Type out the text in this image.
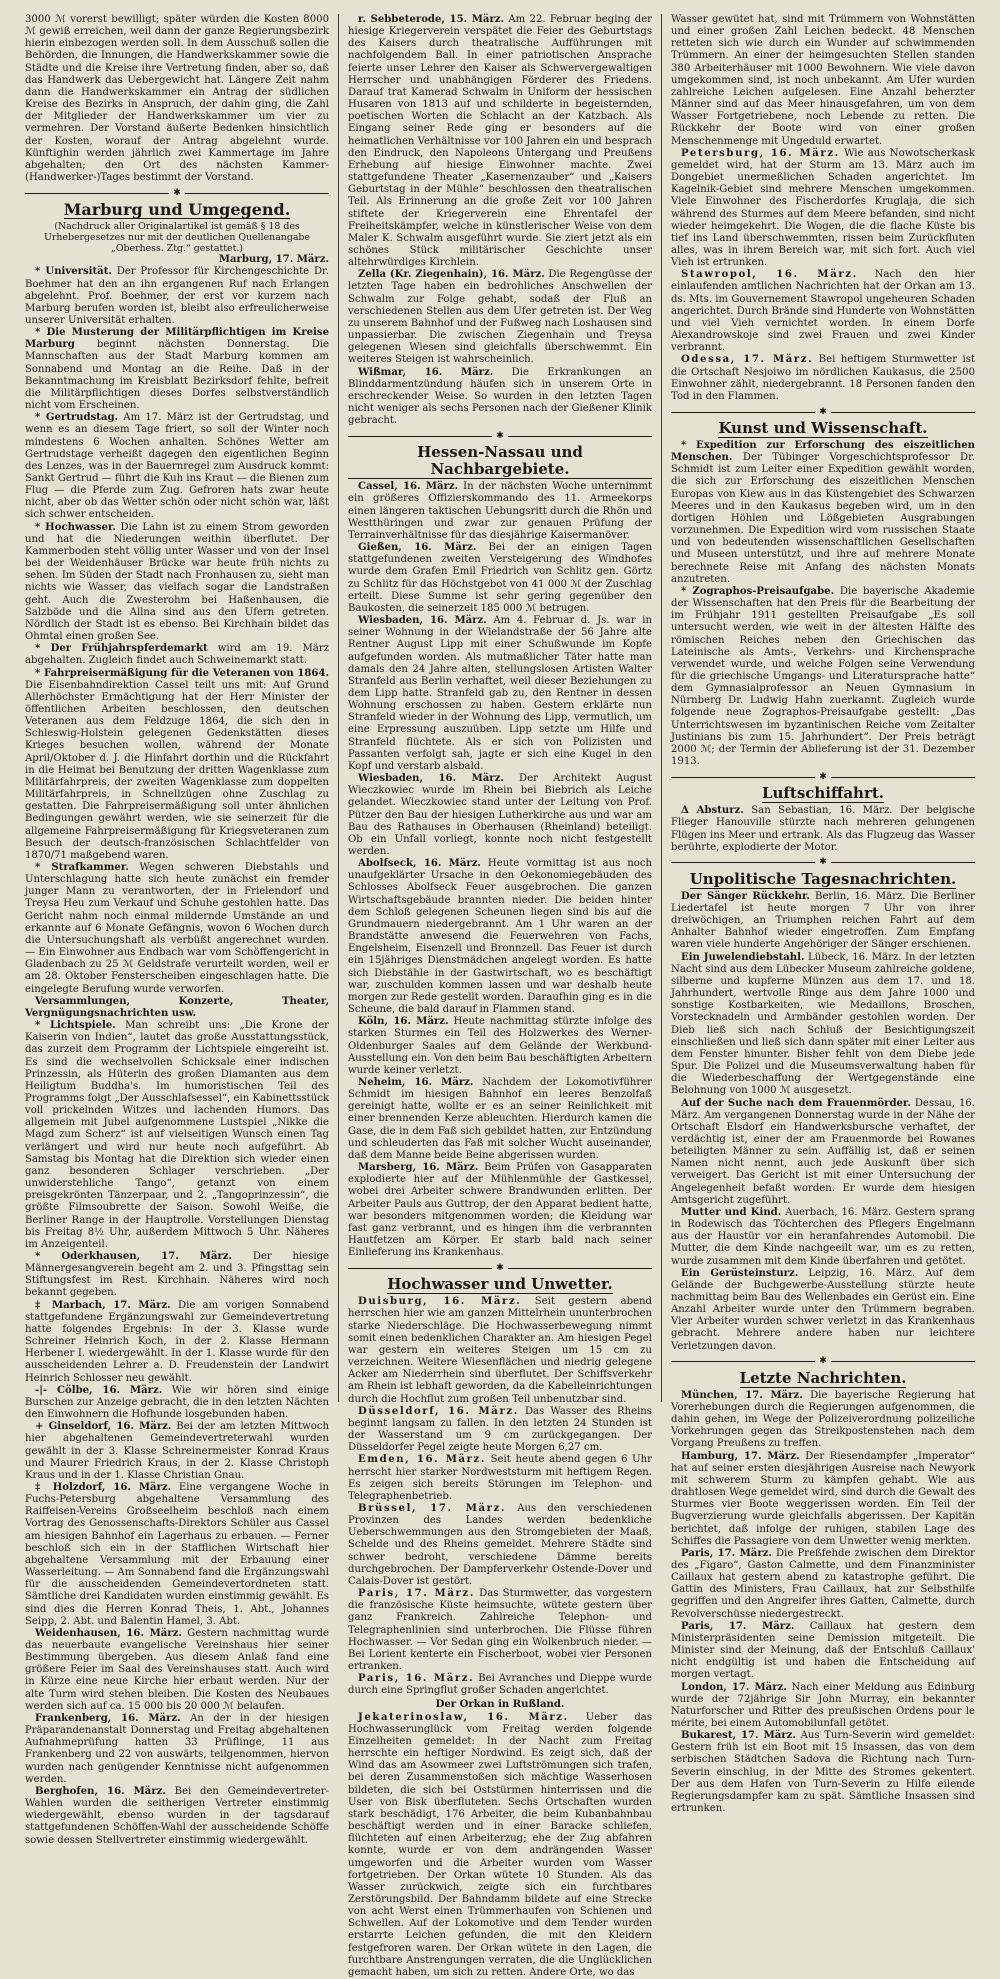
3000 ℳ vorerst bewilligt; später würden die Kosten 8000 ℳ gewiß erreichen, weil dann der ganze Regierungsbezirk hierin einbezogen werden soll. In dem Ausschuß sollen die Behörden, die Innungen, die Handwerkskammer sowie die Städte und die Kreise ihre Vertretung finden, aber so, daß das Handwerk das Uebergewicht hat. Längere Zeit nahm dann die Handwerkskammer ein Antrag der südlichen Kreise des Bezirks in Anspruch, der dahin ging, die Zahl der Mitglieder der Handwerkskammer um vier zu vermehren. Der Vorstand äußerte Bedenken hinsichtlich der Kosten, worauf der Antrag abgelehnt wurde. Künftighin werden jährlich zwei Kammertage im Jahre abgehalten; den Ort des nächsten Kammer-(Handwerker-)Tages bestimmt der Vorstand.

✱
Marburg und Umgegend.
(Nachdruck aller Originalartikel ist gemäß § 18 des Urhebergesetzes nur mit der deutlichen Quellenangabe „Oberhess. Ztg.“ gestattet.)
Marburg, 17. März.

* Universität. Der Professor für Kirchengeschichte Dr. Boehmer hat den an ihn ergangenen Ruf nach Erlangen abgelehnt. Prof. Boehmer, der erst vor kurzem nach Marburg berufen worden ist, bleibt also erfreulicherweise unserer Universität erhalten.

* Die Musterung der Militärpflichtigen im Kreise Marburg beginnt nächsten Donnerstag. Die Mannschaften aus der Stadt Marburg kommen am Sonnabend und Montag an die Reihe. Daß in der Bekanntmachung im Kreisblatt Bezirksdorf fehlte, befreit die Militärpflichtigen dieses Dorfes selbstverständlich nicht vom Erscheinen.

* Gertrudstag. Am 17. März ist der Gertrudstag, und wenn es an diesem Tage friert, so soll der Winter noch mindestens 6 Wochen anhalten. Schönes Wetter am Gertrudstage verheißt dagegen den eigentlichen Beginn des Lenzes, was in der Bauernregel zum Ausdruck kommt: Sankt Gertrud — führt die Kuh ins Kraut — die Bienen zum Flug — die Pferde zum Zug. Gefroren hats zwar heute nicht, aber ob das Wetter schön oder nicht schön war, läßt sich schwer entscheiden.

* Hochwasser. Die Lahn ist zu einem Strom geworden und hat die Niederungen weithin überflutet. Der Kammerboden steht völlig unter Wasser und von der Insel bei der Weidenhäuser Brücke war heute früh nichts zu sehen. Im Süden der Stadt nach Fronhausen zu, sieht man nichts wie Wasser, das vielfach sogar die Landstraßen geht. Auch die Zwesterohm bei Haßenhausen, die Salzböde und die Allna sind aus den Ufern getreten. Nördlich der Stadt ist es ebenso. Bei Kirchhain bildet das Ohmtal einen großen See.

* Der Frühjahrspferdemarkt wird am 19. März abgehalten. Zugleich findet auch Schweinemarkt statt.

* Fahrpreisermäßigung für die Veteranen von 1864. Die Eisenbahndirektion Cassel teilt uns mit: Auf Grund Allerhöchster Ermächtigung hat der Herr Minister der öffentlichen Arbeiten beschlossen, den deutschen Veteranen aus dem Feldzuge 1864, die sich den in Schleswig-Holstein gelegenen Gedenkstätten dieses Krieges besuchen wollen, während der Monate April/Oktober d. J. die Hinfahrt dorthin und die Rückfahrt in die Heimat bei Benutzung der dritten Wagenklasse zum Militärfahrpreis, der zweiten Wagenklasse zum doppelten Militärfahrpreis, in Schnellzügen ohne Zuschlag zu gestatten. Die Fahrpreisermäßigung soll unter ähnlichen Bedingungen gewährt werden, wie sie seinerzeit für die allgemeine Fahrpreisermäßigung für Kriegsveteranen zum Besuch der deutsch-französischen Schlachtfelder von 1870/71 maßgebend waren.

* Strafkammer. Wegen schweren Diebstahls und Unterschlagung hatte sich heute zunächst ein fremder junger Mann zu verantworten, der in Frielendorf und Treysa Heu zum Verkauf und Schuhe gestohlen hatte. Das Gericht nahm noch einmal mildernde Umstände an und erkannte auf 6 Monate Gefängnis, wovon 6 Wochen durch die Untersuchungshaft als verbüßt angerechnet wurden. — Ein Einwohner aus Endbach war vom Schöffengericht in Gladenbach zu 25 ℳ Geldstrafe verurteilt worden, weil er am 28. Oktober Fensterscheiben eingeschlagen hatte. Die eingelegte Berufung wurde verworfen.

Versammlungen, Konzerte, Theater, Vergnügungsnachrichten usw.

* Lichtspiele. Man schreibt uns: „Die Krone der Kaiserin von Indien“, lautet das große Ausstattungsstück, das zurzeit dem Programm der Lichtspiele eingereiht ist. Es sind die wechselvollen Schicksale einer indischen Prinzessin, als Hüterin des großen Diamanten aus dem Heiligtum Buddha's. Im humoristischen Teil des Programms folgt „Der Ausschlafsessel“, ein Kabinettsstück voll prickelnden Witzes und lachenden Humors. Das allgemein mit Jubel aufgenommene Lustspiel „Nikke die Magd zum Scherz“ ist auf vielseitigen Wunsch einen Tag verlängert und wird nur heute noch aufgeführt. Ab Samstag bis Montag hat die Direktion sich wieder einen ganz besonderen Schlager verschrieben. „Der unwiderstehliche Tango“, getanzt von einem preisgekrönten Tänzerpaar, und 2. „Tangoprinzessin“, die größte Filmsoubrette der Saison. Sowohl Weiße, die Berliner Range in der Hauptrolle. Vorstellungen Dienstag bis Freitag 8½ Uhr, außerdem Mittwoch 5 Uhr. Näheres im Anzeigenteil.

* Oderkhausen, 17. März. Der hiesige Männergesangverein begeht am 2. und 3. Pfingsttag sein Stiftungsfest im Rest. Kirchhain. Näheres wird noch bekannt gegeben.

‡ Marbach, 17. März. Die am vorigen Sonnabend stattgefundene Ergänzungswahl zur Gemeindevertretung hatte folgendes Ergebnis: In der 3. Klasse wurde Schreiner Heinrich Koch, in der 2. Klasse Hermann Herbener I. wiedergewählt. In der 1. Klasse wurde für den ausscheidenden Lehrer a. D. Freudenstein der Landwirt Heinrich Schlosser neu gewählt.

-|- Cölbe, 16. März. Wie wir hören sind einige Burschen zur Anzeige gebracht, die in den letzten Nächten den Einwohnern die Hofhunde losgebunden haben.

+ Ginseldorf, 16. März. Bei der am letzten Mittwoch hier abgehaltenen Gemeindevertreterwahl wurden gewählt in der 3. Klasse Schreinermeister Konrad Kraus und Maurer Friedrich Kraus, in der 2. Klasse Christoph Kraus und in der 1. Klasse Christian Gnau.

‡ Holzdorf, 16. März. Eine vergangene Woche in Fuchs-Petersburg abgehaltene Versammlung des Raiffeisen-Vereins Großseelheim beschloß nach einem Vortrag des Genossenschafts-Direktors Schüler aus Cassel am hiesigen Bahnhof ein Lagerhaus zu erbauen. — Ferner beschloß sich ein in der Stafflichen Wirtschaft hier abgehaltene Versammlung mit der Erbauung einer Wasserleitung. — Am Sonnabend fand die Ergänzungswahl für die ausscheidenden Gemeindevertordneten statt. Sämtliche drei Kandidaten wurden einstimmig gewählt. Es sind dies die Herren Konrad Theis, 1. Abt., Johannes Seipp, 2. Abt. und Balentin Hamel, 3. Abt.

Weidenhausen, 16. März. Gestern nachmittag wurde das neuerbaute evangelische Vereinshaus hier seiner Bestimmung übergeben. Aus diesem Anlaß fand eine größere Feier im Saal des Vereinshauses statt. Auch wird in Kürze eine neue Kirche hier erbaut werden. Nur der alte Turm wird stehen bleiben. Die Kosten des Neubaues werden sich auf ca. 15 000 bis 20 000 ℳ belaufen.

Frankenberg, 16. März. An der in der hiesigen Präparandenanstalt Donnerstag und Freitag abgehaltenen Aufnahmeprüfung hatten 33 Prüflinge, 11 aus Frankenberg und 22 von auswärts, teilgenommen, hiervon wurden nach genügender Kenntnisse nicht aufgenommen werden.

Berghofen, 16. März. Bei den Gemeindevertreter-Wahlen wurden die seitherigen Vertreter einstimmig wiedergewählt, ebenso wurden in der tagsdarauf stattgefundenen Schöffen-Wahl der ausscheidende Schöffe sowie dessen Stellvertreter einstimmig wiedergewählt.

r. Sebbeterode, 15. März. Am 22. Februar beging der hiesige Kriegerverein verspätet die Feier des Geburtstags des Kaisers durch theatralische Aufführungen mit nachfolgendem Ball. In einer patriotischen Ansprache feierte unser Lehrer den Kaiser als Schwervergewaltigen Herrscher und unabhängigen Förderer des Friedens. Darauf trat Kamerad Schwalm in Uniform der hessischen Husaren von 1813 auf und schilderte in begeisternden, poetischen Worten die Schlacht an der Katzbach. Als Eingang seiner Rede ging er besonders auf die heimatlichen Verhältnisse vor 100 Jahren ein und besprach den Eindruck, den Napoleons Untergang und Preußens Erhebung auf hiesige Einwohner machte. Zwei stattgefundene Theater „Kasernenzauber“ und „Kaisers Geburtstag in der Mühle“ beschlossen den theatralischen Teil. Als Erinnerung an die große Zeit vor 100 Jahren stiftete der Kriegerverein eine Ehrentafel der Freiheitskämpfer, welche in künstlerischer Weise von dem Maler K. Schwalm ausgeführt wurde. Sie ziert jetzt als ein schönes Stück militärischer Geschichte unser altehrwürdiges Kirchlein.

Zella (Kr. Ziegenhain), 16. März. Die Regengüsse der letzten Tage haben ein bedrohliches Anschwellen der Schwalm zur Folge gehabt, sodaß der Fluß an verschiedenen Stellen aus dem Ufer getreten ist. Der Weg zu unserem Bahnhof und der Fußweg nach Loshausen sind unpassierbar. Die zwischen Ziegenhain und Treysa gelegenen Wiesen sind gleichfalls überschwemmt. Ein weiteres Steigen ist wahrscheinlich.

Wißmar, 16. März. Die Erkrankungen an Blinddarmentzündung häufen sich in unserem Orte in erschreckender Weise. So wurden in den letzten Tagen nicht weniger als sechs Personen nach der Gießener Klinik gebracht.

✱
Hessen-Nassau und Nachbargebiete.

Cassel, 16. März. In der nächsten Woche unternimmt ein größeres Offizierskommando des 11. Armeekorps einen längeren taktischen Uebungsritt durch die Rhön und Westthüringen und zwar zur genauen Prüfung der Terrainverhältnisse für das diesjährige Kaisermanöver.

Gießen, 16. März. Bei der an einigen Tagen stattgefundenen zweiten Versteigerung des Windhofes wurde dem Grafen Emil Friedrich von Schlitz gen. Görtz zu Schlitz für das Höchstgebot von 41 000 ℳ der Zuschlag erteilt. Diese Summe ist sehr gering gegenüber den Baukosten, die seinerzeit 185 000 ℳ betrugen.

Wiesbaden, 16. März. Am 4. Februar d. Js. war in seiner Wohnung in der Wielandstraße der 56 Jahre alte Rentner August Lipp mit einer Schußwunde im Kopfe aufgefunden worden. Als mutmaßlicher Täter hatte man damals den 24 Jahre alten, stellungslosen Artisten Walter Stranfeld aus Berlin verhaftet, weil dieser Beziehungen zu dem Lipp hatte. Stranfeld gab zu, den Rentner in dessen Wohnung erschossen zu haben. Gestern erklärte nun Stranfeld wieder in der Wohnung des Lipp, vermutlich, um eine Erpressung auszuüben. Lipp setzte um Hilfe und Stranfeld flüchtete. Als er sich von Polizisten und Passanten verfolgt sah, jagte er sich eine Kugel in den Kopf und verstarb alsbald.

Wiesbaden, 16. März. Der Architekt August Wieczkowiec wurde im Rhein bei Biebrich als Leiche gelandet. Wieczkowiec stand unter der Leitung von Prof. Pützer den Bau der hiesigen Lutherkirche aus und war am Bau des Rathauses in Oberhausen (Rheinland) beteiligt. Ob ein Unfall vorliegt, konnte noch nicht festgestellt werden.

Abolfseck, 16. März. Heute vormittag ist aus noch unaufgeklärter Ursache in den Oekonomiegebäuden des Schlosses Abolfseck Feuer ausgebrochen. Die ganzen Wirtschaftsgebäude brannten nieder. Die beiden hinter dem Schloß gelegenen Scheunen liegen sind bis auf die Grundmauern niedergebrannt. Am 1 Uhr waren an der Brandstätte anwesend die Feuerwehren von Fachs, Engelsheim, Eisenzell und Bronnzell. Das Feuer ist durch ein 15jähriges Dienstmädchen angelegt worden. Es hatte sich Diebstähle in der Gastwirtschaft, wo es beschäftigt war, zuschulden kommen lassen und war deshalb heute morgen zur Rede gestellt worden. Daraufhin ging es in die Scheune, die bald darauf in Flammen stand.

Köln, 16. März. Heute nachmittag stürzte infolge des starken Sturmes ein Teil des Holzwerkes des Werner-Oldenburger Saales auf dem Gelände der Werkbund-Ausstellung ein. Von den beim Bau beschäftigten Arbeitern wurde keiner verletzt.

Neheim, 16. März. Nachdem der Lokomotivführer Schmidt im hiesigen Bahnhof ein leeres Benzolfaß gereinigt hatte, wollte er es an seiner Reinlichkeit mit einer brennenden Kerze ableuchten. Hierdurch kamen die Gase, die in dem Faß sich gebildet hatten, zur Entzündung und schleuderten das Faß mit solcher Wucht auseinander, daß dem Manne beide Beine abgerissen wurden.

Marsberg, 16. März. Beim Prüfen von Gasapparaten explodierte hier auf der Mühlenmühle der Gastkessel, wobei drei Arbeiter schwere Brandwunden erlitten. Der Arbeiter Pauls aus Guttrop, der den Apparat bedient hatte, war besonders mitgenommen worden; die Kleidung war fast ganz verbrannt, und es hingen ihm die verbrannten Hautfetzen am Körper. Er starb bald nach seiner Einlieferung ins Krankenhaus.

✱
Hochwasser und Unwetter.

Duisburg, 16. März. Seit gestern abend herrschen hier wie am ganzen Mittelrhein ununterbrochen starke Niederschläge. Die Hochwasserbewegung nimmt somit einen bedenklichen Charakter an. Am hiesigen Pegel war gestern ein weiteres Steigen um 15 cm zu verzeichnen. Weitere Wiesenflächen und niedrig gelegene Acker am Niederrhein sind überflutet. Der Schiffsverkehr am Rhein ist lebhaft geworden, da die Kabelleinrichtungen durch die Hochflut zum großen Teil unbenutzbar sind.

Düsseldorf, 16. März. Das Wasser des Rheins beginnt langsam zu fallen. In den letzten 24 Stunden ist der Wasserstand um 9 cm zurückgegangen. Der Düsseldorfer Pegel zeigte heute Morgen 6,27 cm.

Emden, 16. März. Seit heute abend gegen 6 Uhr herrscht hier starker Nordweststurm mit heftigem Regen. Es zeigen sich bereits Störungen im Telephon- und Telegraphenbetrieb.

Brüssel, 17. März. Aus den verschiedenen Provinzen des Landes werden bedenkliche Ueberschwemmungen aus den Stromgebieten der Maaß, Schelde und des Rheins gemeldet. Mehrere Städte sind schwer bedroht, verschiedene Dämme bereits durchgebrochen. Der Dampferverkehr Ostende-Dover und Calais-Dover ist gestört.

Paris, 17. März. Das Sturmwetter, das vorgestern die französische Küste heimsuchte, wütete gestern über ganz Frankreich. Zahlreiche Telephon- und Telegraphenlinien sind unterbrochen. Die Flüsse führen Hochwasser. — Vor Sedan ging ein Wolkenbruch nieder. — Bei Lorient kenterte ein Fischerboot, wobei vier Personen ertranken.

Paris, 16. März. Bei Avranches und Dieppe wurde durch eine Springflut großer Schaden angerichtet.

Der Orkan in Rußland.

Jekaterinoslaw, 16. März. Ueber das Hochwasserunglück vom Freitag werden folgende Einzelheiten gemeldet: In der Nacht zum Freitag herrschte ein heftiger Nordwind. Es zeigt sich, daß der Wind das am Asowmeer zwei Luftströmungen sich trafen, bei deren Zusammenstoßen sich mächtige Wasserhosen bildeten, die sich bei Oststürmen hinterrissen und die User von Bisk überfluteten. Sechs Ortschaften wurden stark beschädigt, 176 Arbeiter, die beim Kubanbahnbau beschäftigt werden und in einer Baracke schliefen, flüchteten auf einen Arbeiterzug; ehe der Zug abfahren konnte, wurde er von dem andrängenden Wasser umgeworfen und die Arbeiter wurden vom Wasser fortgetrieben. Der Orkan wütete 10 Stunden. Als das Wasser zurückwich, zeigte sich ein furchtbares Zerstörungsbild. Der Bahndamm bildete auf eine Strecke von acht Werst einen Trümmerhaufen von Schienen und Schwellen. Auf der Lokomotive und dem Tender wurden erstarrte Leichen gefunden, die mit den Kleidern festgefroren waren. Der Orkan wütete in den Lagen, die furchtbare Anstrengungen verraten, die die Unglücklichen gemacht haben, um sich zu retten. Andere Orte, wo das

Wasser gewütet hat, sind mit Trümmern von Wohnstätten und einer großen Zahl Leichen bedeckt. 48 Menschen retteten sich wie durch ein Wunder auf schwimmenden Trümmern. An einer der heimgesuchten Stellen standen 380 Arbeiterhäuser mit 1000 Bewohnern. Wie viele davon umgekommen sind, ist noch unbekannt. Am Ufer wurden zahlreiche Leichen aufgelesen. Eine Anzahl beherzter Männer sind auf das Meer hinausgefahren, um von dem Wasser Fortgetriebene, noch Lebende zu retten. Die Rückkehr der Boote wird von einer großen Menschenmenge mit Ungeduld erwartet.

Petersburg, 16. März. Wie aus Nowotscherkask gemeldet wird, hat der Sturm am 13. März auch im Dongebiet unermeßlichen Schaden angerichtet. Im Kagelnik-Gebiet sind mehrere Menschen umgekommen. Viele Einwohner des Fischerdorfes Kruglaja, die sich während des Sturmes auf dem Meere befanden, sind nicht wieder heimgekehrt. Die Wogen, die die flache Küste bis tief ins Land überschwemmten, rissen beim Zurückfluten alles, was in ihrem Bereich war, mit sich fort. Auch viel Vieh ist ertrunken.

Stawropol, 16. März. Nach den hier einlaufenden amtlichen Nachrichten hat der Orkan am 13. ds. Mts. im Gouvernement Stawropol ungeheuren Schaden angerichtet. Durch Brände sind Hunderte von Wohnstätten und viel Vieh vernichtet worden. In einem Dorfe Alexandrowskoje sind zwei Frauen und zwei Kinder verbrannt.

Odessa, 17. März. Bei heftigem Sturmwetter ist die Ortschaft Nesjoiwo im nördlichen Kaukasus, die 2500 Einwohner zählt, niedergebrannt. 18 Personen fanden den Tod in den Flammen.

✱
Kunst und Wissenschaft.

* Expedition zur Erforschung des eiszeitlichen Menschen. Der Tübinger Vorgeschichtsprofessor Dr. Schmidt ist zum Leiter einer Expedition gewählt worden, die sich zur Erforschung des eiszeitlichen Menschen Europas von Kiew aus in das Küstengebiet des Schwarzen Meeres und in den Kaukasus begeben wird, um in den dortigen Höhlen und Lößgebieten Ausgrabungen vorzunehmen. Die Expedition wird vom russischen Staate und von bedeutenden wissenschaftlichen Gesellschaften und Museen unterstützt, und ihre auf mehrere Monate berechnete Reise mit Anfang des nächsten Monats anzutreten.

* Zographos-Preisaufgabe. Die bayerische Akademie der Wissenschaften hat den Preis für die Bearbeitung der im Frühjahr 1911 gestellten Preisaufgabe „Es soll untersucht werden, wie weit in der ältesten Hälfte des römischen Reiches neben den Griechischen das Lateinische als Amts-, Verkehrs- und Kirchensprache verwendet wurde, und welche Folgen seine Verwendung für die griechische Umgangs- und Literatursprache hatte“ dem Gymnasialprofessor an Neuen Gymnasium in Nürnberg Dr. Ludwig Hahn zuerkannt. Zugleich wurde folgende neue Zographos-Preisaufgabe gestellt: „Das Unterrichtswesen im byzantinischen Reiche vom Zeitalter Justinians bis zum 15. Jahrhundert“. Der Preis beträgt 2000 ℳ; der Termin der Ablieferung ist der 31. Dezember 1913.

✱
Luftschiffahrt.

Δ Absturz. San Sebastian, 16. März. Der belgische Flieger Hanouville stürzte nach mehreren gelungenen Flügen ins Meer und ertrank. Als das Flugzeug das Wasser berührte, explodierte der Motor.

✱
Unpolitische Tagesnachrichten.

Der Sänger Rückkehr. Berlin, 16. März. Die Berliner Liedertafel ist heute morgen 7 Uhr von ihrer dreiwöchigen, an Triumphen reichen Fahrt auf dem Anhalter Bahnhof wieder eingetroffen. Zum Empfang waren viele hunderte Angehöriger der Sänger erschienen.

Ein Juwelendiebstahl. Lübeck, 16. März. In der letzten Nacht sind aus dem Lübecker Museum zahlreiche goldene, silberne und kupferne Münzen aus dem 17. und 18. Jahrhundert, wertvolle Ringe aus dem Jahre 1000 und sonstige Kostbarkeiten, wie Medaillons, Broschen, Vorstecknadeln und Armbänder gestohlen worden. Der Dieb ließ sich nach Schluß der Besichtigungszeit einschließen und ließ sich dann später mit einer Leiter aus dem Fenster hinunter. Bisher fehlt von dem Diebe jede Spur. Die Polizei und die Museumsverwaltung haben für die Wiederbeschaffung der Wertgegenstände eine Belohnung von 1000 ℳ ausgesetzt.

Auf der Suche nach dem Frauenmörder. Dessau, 16. März. Am vergangenen Donnerstag wurde in der Nähe der Ortschaft Elsdorf ein Handwerksbursche verhaftet, der verdächtig ist, einer der am Frauenmorde bei Rowanes beteiligten Männer zu sein. Auffällig ist, daß er seinen Namen nicht nennt, auch jede Auskunft über sich verweigert. Das Gericht ist mit einer Untersuchung der Angelegenheit befaßt worden. Er wurde dem hiesigen Amtsgericht zugeführt.

Mutter und Kind. Auerbach, 16. März. Gestern sprang in Rodewisch das Töchterchen des Pflegers Engelmann aus der Haustür vor ein heranfahrendes Automobil. Die Mutter, die dem Kinde nachgeeilt war, um es zu retten, wurde zusammen mit dem Kinde überfahren und getötet.

Ein Gerüsteinsturz. Leipzig, 16. März. Auf dem Gelände der Buchgewerbe-Ausstellung stürzte heute nachmittag beim Bau des Wellenbades ein Gerüst ein. Eine Anzahl Arbeiter wurde unter den Trümmern begraben. Vier Arbeiter wurden schwer verletzt in das Krankenhaus gebracht. Mehrere andere haben nur leichtere Verletzungen davon.

✱
Letzte Nachrichten.

München, 17. März. Die bayerische Regierung hat Vorerhebungen durch die Regierungen aufgenommen, die dahin gehen, im Wege der Polizeiverordnung polizeiliche Vorkehrungen gegen das Streikpostenstehen nach dem Vorgang Preußens zu treffen.

Hamburg, 17. März. Der Riesendampfer „Imperator“ hat auf seiner ersten diesjährigen Ausreise nach Newyork mit schwerem Sturm zu kämpfen gehabt. Wie aus drahtlosen Wege gemeldet wird, sind durch die Gewalt des Sturmes vier Boote weggerissen worden. Ein Teil der Bugverzierung wurde gleichfalls abgerissen. Der Kapitän berichtet, daß infolge der ruhigen, stabilen Lage des Schiffes die Passagiere von dem Unwetter wenig merkten.

Paris, 17. März. Die Preßfehde zwischen dem Direktor des „Figaro“, Gaston Calmette, und dem Finanzminister Caillaux hat gestern abend zu katastrophe geführt. Die Gattin des Ministers, Frau Caillaux, hat zur Selbsthilfe gegriffen und den Angreifer ihres Gatten, Calmette, durch Revolverschüsse niedergestreckt.

Paris, 17. März. Caillaux hat gestern dem Ministerpräsidenten seine Demission mitgeteilt. Die Minister sind der Meinung, daß der Entschluß Caillaux' nicht endgültig ist und haben die Entscheidung auf morgen vertagt.

London, 17. März. Nach einer Meldung aus Edinburg wurde der 72jährige Sir John Murray, ein bekannter Naturforscher und Ritter des preußischen Ordens pour le mérite, bei einem Automobilunfall getötet.

Bukarest, 17. März. Aus Turn-Severin wird gemeldet: Gestern früh ist ein Boot mit 15 Insassen, das von dem serbischen Städtchen Sadova die Richtung nach Turn-Severin einschlug, in der Mitte des Stromes gekentert. Der aus dem Hafen von Turn-Severin zu Hilfe eilende Regierungsdampfer kam zu spät. Sämtliche Insassen sind ertrunken.
